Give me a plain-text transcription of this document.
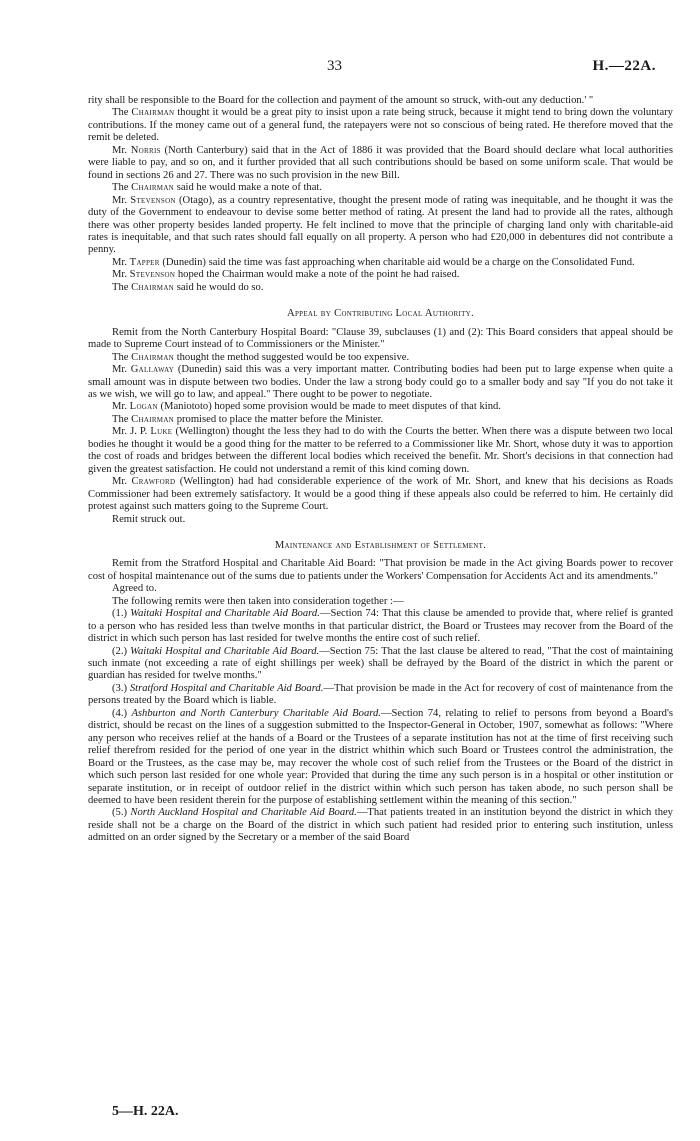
33	H.—22A.

rity shall be responsible to the Board for the collection and payment of the amount so struck, with-out any deduction.' "

The Chairman thought it would be a great pity to insist upon a rate being struck, because it might tend to bring down the voluntary contributions. If the money came out of a general fund, the ratepayers were not so conscious of being rated. He therefore moved that the remit be deleted.

Mr. Norris (North Canterbury) said that in the Act of 1886 it was provided that the Board should declare what local authorities were liable to pay, and so on, and it further provided that all such contributions should be based on some uniform scale. That would be found in sections 26 and 27. There was no such provision in the new Bill.

The Chairman said he would make a note of that.

Mr. Stevenson (Otago), as a country representative, thought the present mode of rating was inequitable, and he thought it was the duty of the Government to endeavour to devise some better method of rating. At present the land had to provide all the rates, although there was other property besides landed property. He felt inclined to move that the principle of charging land only with charitable-aid rates is inequitable, and that such rates should fall equally on all property. A person who had £20,000 in debentures did not contribute a penny.

Mr. Tapper (Dunedin) said the time was fast approaching when charitable aid would be a charge on the Consolidated Fund.

Mr. Stevenson hoped the Chairman would make a note of the point he had raised.

The Chairman said he would do so.

Appeal by Contributing Local Authority.

Remit from the North Canterbury Hospital Board: "Clause 39, subclauses (1) and (2): This Board considers that appeal should be made to Supreme Court instead of to Commissioners or the Minister."

The Chairman thought the method suggested would be too expensive.

Mr. Gallaway (Dunedin) said this was a very important matter. Contributing bodies had been put to large expense when quite a small amount was in dispute between two bodies. Under the law a strong body could go to a smaller body and say "If you do not take it as we wish, we will go to law, and appeal." There ought to be power to negotiate.

Mr. Logan (Maniototo) hoped some provision would be made to meet disputes of that kind.

The Chairman promised to place the matter before the Minister.

Mr. J. P. Luke (Wellington) thought the less they had to do with the Courts the better. When there was a dispute between two local bodies he thought it would be a good thing for the matter to be referred to a Commissioner like Mr. Short, whose duty it was to apportion the cost of roads and bridges between the different local bodies which received the benefit. Mr. Short's decisions in that connection had given the greatest satisfaction. He could not understand a remit of this kind coming down.

Mr. Crawford (Wellington) had had considerable experience of the work of Mr. Short, and knew that his decisions as Roads Commissioner had been extremely satisfactory. It would be a good thing if these appeals also could be referred to him. He certainly did protest against such matters going to the Supreme Court.

Remit struck out.

Maintenance and Establishment of Settlement.

Remit from the Stratford Hospital and Charitable Aid Board: "That provision be made in the Act giving Boards power to recover cost of hospital maintenance out of the sums due to patients under the Workers' Compensation for Accidents Act and its amendments."

Agreed to.

The following remits were then taken into consideration together :—

(1.) Waitaki Hospital and Charitable Aid Board.—Section 74: That this clause be amended to provide that, where relief is granted to a person who has resided less than twelve months in that particular district, the Board or Trustees may recover from the Board of the district in which such person has last resided for twelve months the entire cost of such relief.

(2.) Waitaki Hospital and Charitable Aid Board.—Section 75: That the last clause be altered to read, "That the cost of maintaining such inmate (not exceeding a rate of eight shillings per week) shall be defrayed by the Board of the district in which the parent or guardian has resided for twelve months."

(3.) Stratford Hospital and Charitable Aid Board.—That provision be made in the Act for recovery of cost of maintenance from the persons treated by the Board which is liable.

(4.) Ashburton and North Canterbury Charitable Aid Board.—Section 74, relating to relief to persons from beyond a Board's district, should be recast on the lines of a suggestion submitted to the Inspector-General in October, 1907, somewhat as follows: "Where any person who receives relief at the hands of a Board or the Trustees of a separate institution has not at the time of first receiving such relief therefrom resided for the period of one year in the district whithin which such Board or Trustees control the administration, the Board or the Trustees, as the case may be, may recover the whole cost of such relief from the Trustees or the Board of the district in which such person last resided for one whole year: Provided that during the time any such person is in a hospital or other institution or separate institution, or in receipt of outdoor relief in the district within which such person has taken abode, no such person shall be deemed to have been resident therein for the purpose of establishing settlement within the meaning of this section."

(5.) North Auckland Hospital and Charitable Aid Board.—That patients treated in an institution beyond the district in which they reside shall not be a charge on the Board of the district in which such patient had resided prior to entering such institution, unless admitted on an order signed by the Secretary or a member of the said Board

5—H. 22A.
